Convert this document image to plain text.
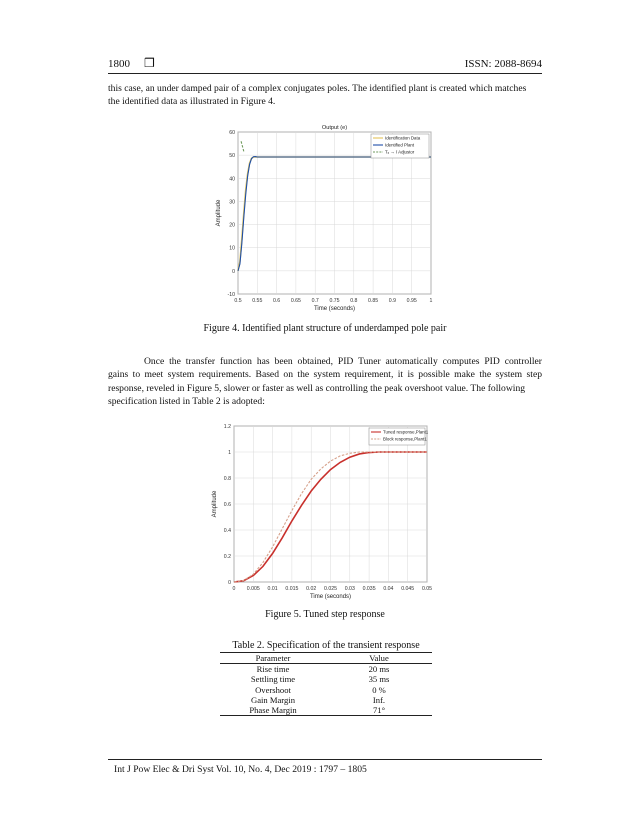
1800 ❒	ISSN: 2088-8694
this case, an under damped pair of a complex conjugates poles. The identified plant is created which matches
the identified data as illustrated in Figure 4.
0.5 0.55 0.6 0.65 0.7 0.75 0.8 0.85 0.9 0.95 1
-10
0
10
20
30
40
50
60
Output (e)
Time (seconds)
Amplitude
Identification Data
Identified Plant
Tₓ → í Adjustor
Figure 4. Identified plant structure of underdamped pole pair
Once the transfer function has been obtained, PID Tuner automatically computes PID controller
gains to meet system requirements. Based on the system requirement, it is possible make the system step
response, reveled in Figure 5, slower or faster as well as controlling the peak overshoot value. The following
specification listed in Table 2 is adopted:
0 0.005 0.01 0.015 0.02 0.025 0.03 0.035 0.04 0.045 0.05
0
0.2
0.4
0.6
0.8
1
1.2
Time (seconds)
Amplitude
Tuned response,Plant1
Block response,Plant1
Figure 5. Tuned step response
Table 2. Specification of the transient response
Parameter	Value
Rise time	20 ms
Settling time	35 ms
Overshoot	0 %
Gain Margin	Inf.
Phase Margin	71°
Int J Pow Elec & Dri Syst Vol. 10, No. 4, Dec 2019 : 1797 – 1805
